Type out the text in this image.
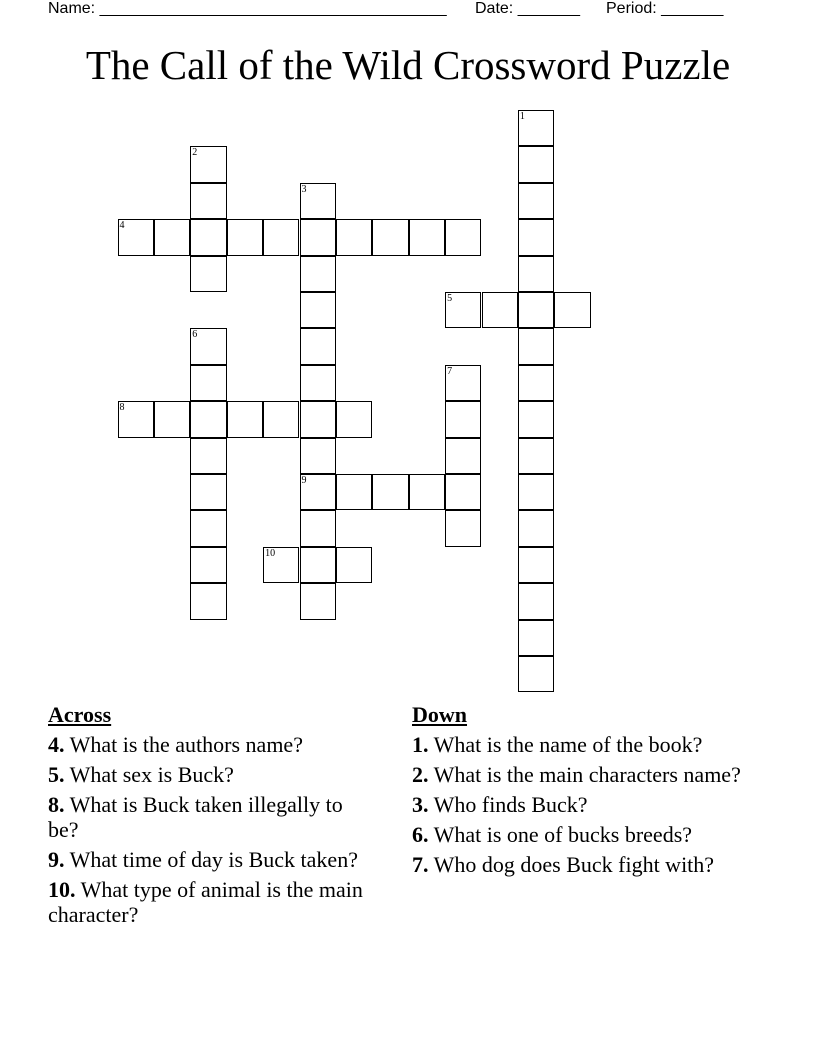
Name: _______________________________________

Date: _______

Period: _______

The Call of the Wild Crossword Puzzle
1
2
3
9
4
5
6
7
8
10
Across
4. What is the authors name?
5. What sex is Buck?
8. What is Buck taken illegally to be?
9. What time of day is Buck taken?
10. What type of animal is the main character?
Down
1. What is the name of the book?
2. What is the main characters name?
3. Who finds Buck?
6. What is one of bucks breeds?
7. Who dog does Buck fight with?
